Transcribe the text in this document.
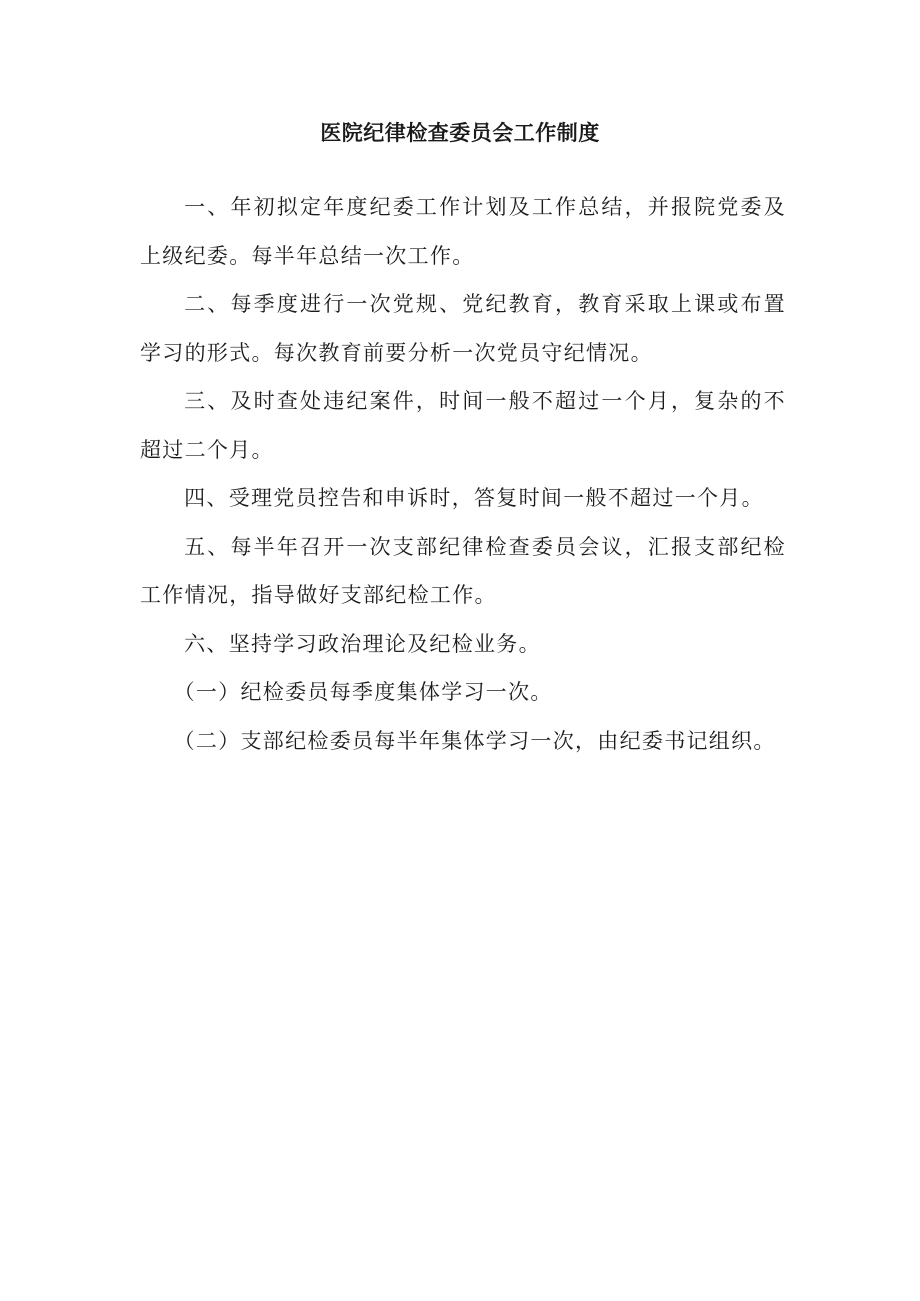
医院纪律检查委员会工作制度

一、年初拟定年度纪委工作计划及工作总结，并报院党委及上级纪委。每半年总结一次工作。

二、每季度进行一次党规、党纪教育，教育采取上课或布置学习的形式。每次教育前要分析一次党员守纪情况。

三、及时查处违纪案件，时间一般不超过一个月，复杂的不超过二个月。

四、受理党员控告和申诉时，答复时间一般不超过一个月。

五、每半年召开一次支部纪律检查委员会议，汇报支部纪检工作情况，指导做好支部纪检工作。

六、坚持学习政治理论及纪检业务。

（一）纪检委员每季度集体学习一次。

（二）支部纪检委员每半年集体学习一次，由纪委书记组织。
